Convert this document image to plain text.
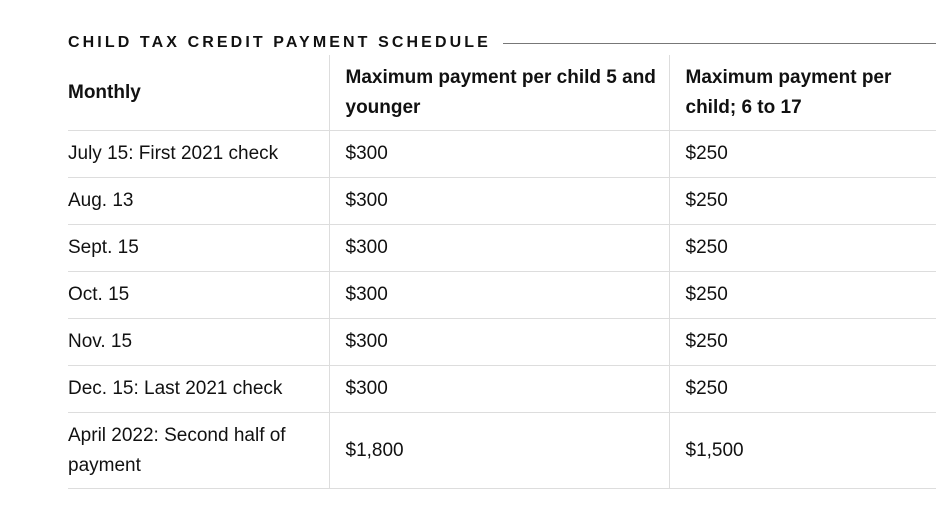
CHILD TAX CREDIT PAYMENT SCHEDULE
Monthly	Maximum payment per child 5 and younger	Maximum payment per child; 6 to 17
July 15: First 2021 check	$300	$250
Aug. 13	$300	$250
Sept. 15	$300	$250
Oct. 15	$300	$250
Nov. 15	$300	$250
Dec. 15: Last 2021 check	$300	$250
April 2022: Second half of payment	$1,800	$1,500
